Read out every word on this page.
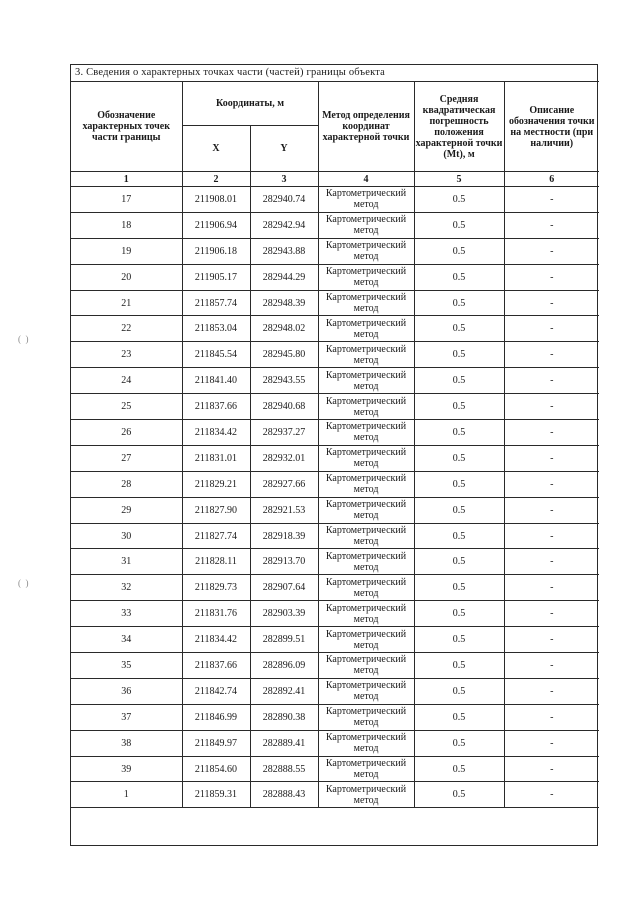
(  )
(  )
3. Сведения о характерных точках части (частей) границы объекта
Обозначение характерных точек части границы	Координаты, м		Метод определения координат характерной точки	Средняя квадратическая погрешность положения характерной точки (Mt), м	Описание обозначения точки на местности (при наличии)
	X	Y			
1	2	3	4	5	6
17	211908.01	282940.74	Картометрический метод	0.5	-
18	211906.94	282942.94	Картометрический метод	0.5	-
19	211906.18	282943.88	Картометрический метод	0.5	-
20	211905.17	282944.29	Картометрический метод	0.5	-
21	211857.74	282948.39	Картометрический метод	0.5	-
22	211853.04	282948.02	Картометрический метод	0.5	-
23	211845.54	282945.80	Картометрический метод	0.5	-
24	211841.40	282943.55	Картометрический метод	0.5	-
25	211837.66	282940.68	Картометрический метод	0.5	-
26	211834.42	282937.27	Картометрический метод	0.5	-
27	211831.01	282932.01	Картометрический метод	0.5	-
28	211829.21	282927.66	Картометрический метод	0.5	-
29	211827.90	282921.53	Картометрический метод	0.5	-
30	211827.74	282918.39	Картометрический метод	0.5	-
31	211828.11	282913.70	Картометрический метод	0.5	-
32	211829.73	282907.64	Картометрический метод	0.5	-
33	211831.76	282903.39	Картометрический метод	0.5	-
34	211834.42	282899.51	Картометрический метод	0.5	-
35	211837.66	282896.09	Картометрический метод	0.5	-
36	211842.74	282892.41	Картометрический метод	0.5	-
37	211846.99	282890.38	Картометрический метод	0.5	-
38	211849.97	282889.41	Картометрический метод	0.5	-
39	211854.60	282888.55	Картометрический метод	0.5	-
1	211859.31	282888.43	Картометрический метод	0.5	-
